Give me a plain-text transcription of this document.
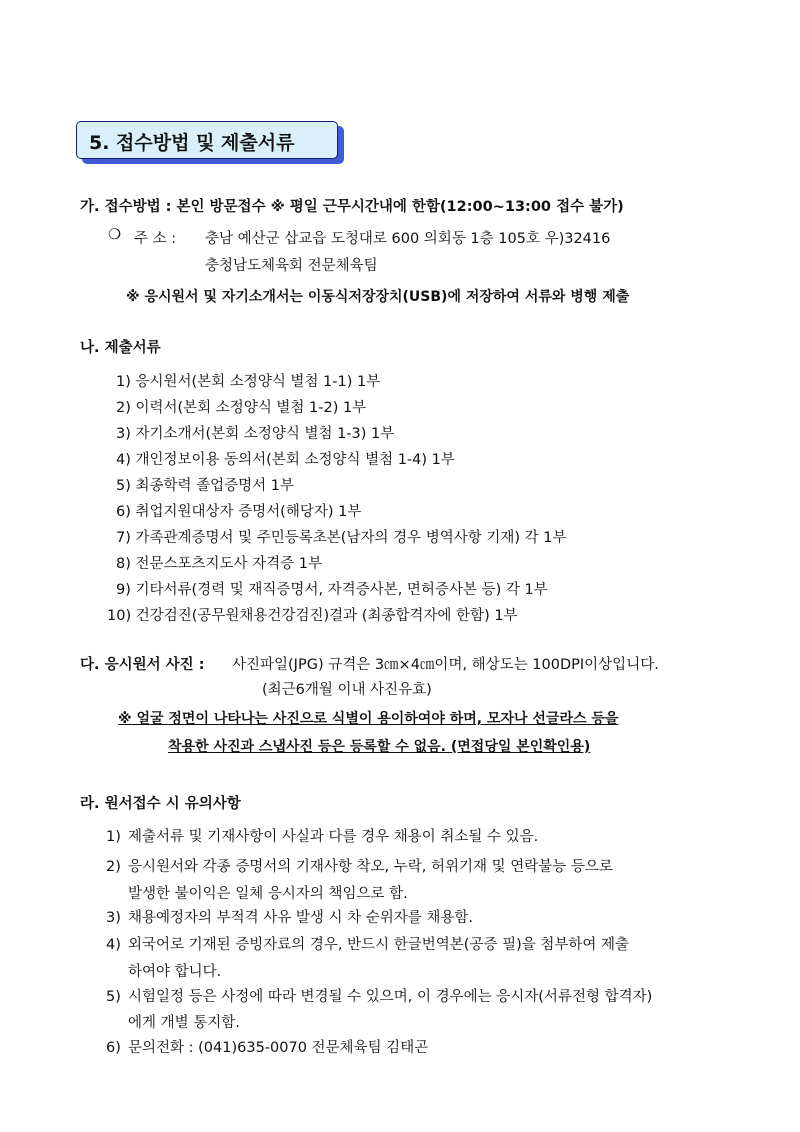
5. 접수방법 및 제출서류
가. 접수방법 : 본인 방문접수 ※ 평일 근무시간내에 한함(12:00~13:00 접수 불가)
❍ 주 소 : 충남 예산군 삽교읍 도청대로 600 의회동 1층 105호 우)32416
충청남도체육회 전문체육팀
※ 응시원서 및 자기소개서는 이동식저장장치(USB)에 저장하여 서류와 병행 제출
나. 제출서류
1) 응시원서(본회 소정양식 별첨 1-1) 1부
2) 이력서(본회 소정양식 별첨 1-2) 1부
3) 자기소개서(본회 소정양식 별첨 1-3) 1부
4) 개인정보이용 동의서(본회 소정양식 별첨 1-4) 1부
5) 최종학력 졸업증명서 1부
6) 취업지원대상자 증명서(해당자) 1부
7) 가족관계증명서 및 주민등록초본(남자의 경우 병역사항 기재) 각 1부
8) 전문스포츠지도사 자격증 1부
9) 기타서류(경력 및 재직증명서, 자격증사본, 면허증사본 등) 각 1부
10) 건강검진(공무원채용건강검진)결과 (최종합격자에 한함) 1부
다. 응시원서 사진 : 사진파일(JPG) 규격은 3㎝×4㎝이며, 해상도는 100DPI이상입니다.
(최근6개월 이내 사진유효)
※ 얼굴 정면이 나타나는 사진으로 식별이 용이하여야 하며, 모자나 선글라스 등을
착용한 사진과 스냅사진 등은 등록할 수 없음. (면접당일 본인확인용)
라. 원서접수 시 유의사항
1) 제출서류 및 기재사항이 사실과 다를 경우 채용이 취소될 수 있음.
2) 응시원서와 각종 증명서의 기재사항 착오, 누락, 허위기재 및 연락불능 등으로
발생한 불이익은 일체 응시자의 책임으로 함.
3) 채용예정자의 부적격 사유 발생 시 차 순위자를 채용함.
4) 외국어로 기재된 증빙자료의 경우, 반드시 한글번역본(공증 필)을 첨부하여 제출
하여야 합니다.
5) 시험일정 등은 사정에 따라 변경될 수 있으며, 이 경우에는 응시자(서류전형 합격자)
에게 개별 통지함.
6) 문의전화 : (041)635-0070 전문체육팀 김태곤
